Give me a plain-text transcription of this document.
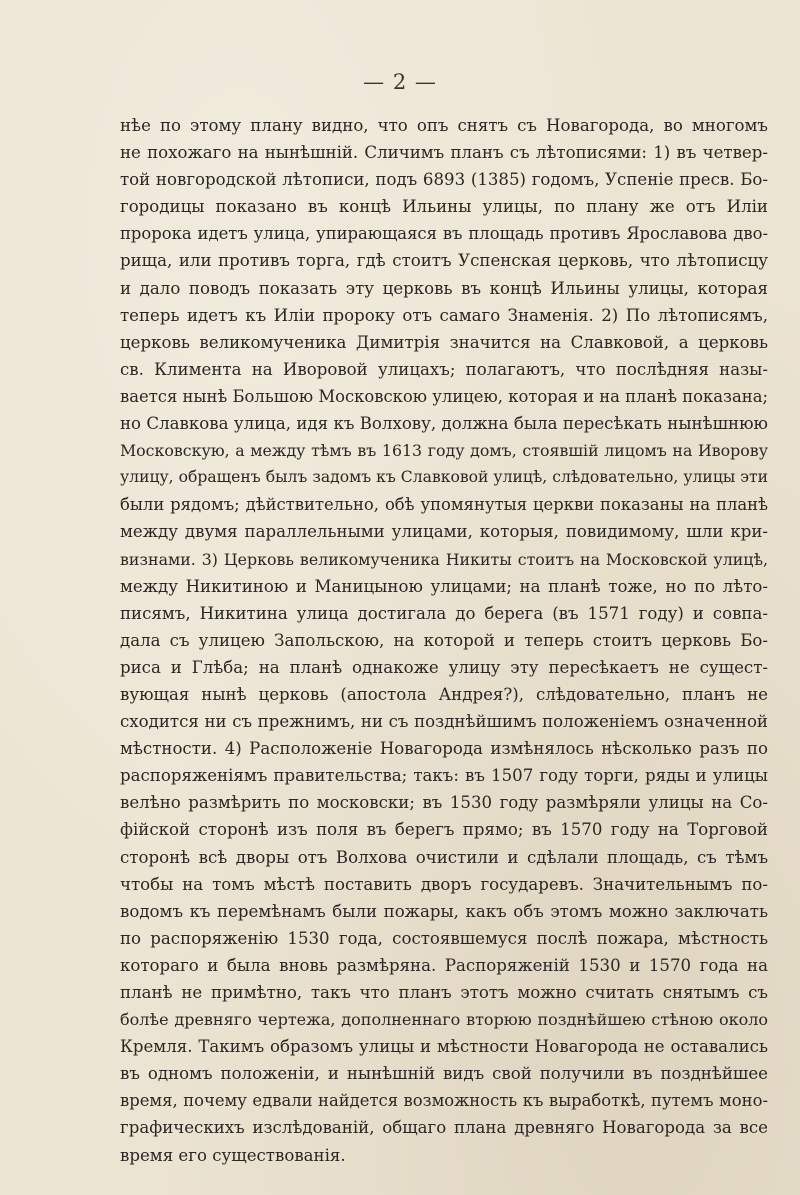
— 2 —
нѣе по этому плану видно, что опъ снятъ съ Новагорода, во многомъ
не похожаго на нынѣшній. Сличимъ планъ съ лѣтописями: 1) въ четвер-
той новгородской лѣтописи, подъ 6893 (1385) годомъ, Успеніе пресв. Бо-
городицы показано въ концѣ Ильины улицы, по плану же отъ Иліи
пророка идетъ улица, упирающаяся въ площадь противъ Ярославова дво-
рища, или противъ торга, гдѣ стоитъ Успенская церковь, что лѣтописцу
и дало поводъ показать эту церковь въ концѣ Ильины улицы, которая
теперь идетъ къ Иліи пророку отъ самаго Знаменія. 2) По лѣтописямъ,
церковь великомученика Димитрія значится на Славковой, а церковь
св. Климента на Иворовой улицахъ; полагаютъ, что послѣдняя назы-
вается нынѣ Большою Московскою улицею, которая и на планѣ показана;
но Славкова улица, идя къ Волхову, должна была пересѣкать нынѣшнюю
Московскую, а между тѣмъ въ 1613 году домъ, стоявшій лицомъ на Иворову
улицу, обращенъ былъ задомъ къ Славковой улицѣ, слѣдовательно, улицы эти
были рядомъ; дѣйствительно, обѣ упомянутыя церкви показаны на планѣ
между двумя параллельными улицами, которыя, повидимому, шли кри-
визнами. 3) Церковь великомученика Никиты стоитъ на Московской улицѣ,
между Никитиною и Маницыною улицами; на планѣ тоже, но по лѣто-
писямъ, Никитина улица достигала до берега (въ 1571 году) и совпа-
дала съ улицею Запольскою, на которой и теперь стоитъ церковь Бо-
риса и Глѣба; на планѣ однакоже улицу эту пересѣкаетъ не сущест-
вующая нынѣ церковь (апостола Андрея?), слѣдовательно, планъ не
сходится ни съ прежнимъ, ни съ позднѣйшимъ положеніемъ означенной
мѣстности. 4) Расположеніе Новагорода измѣнялось нѣсколько разъ по
распоряженіямъ правительства; такъ: въ 1507 году торги, ряды и улицы
велѣно размѣрить по московски; въ 1530 году размѣряли улицы на Со-
фійской сторонѣ изъ поля въ берегъ прямо; въ 1570 году на Торговой
сторонѣ всѣ дворы отъ Волхова очистили и сдѣлали площадь, съ тѣмъ
чтобы на томъ мѣстѣ поставить дворъ государевъ. Значительнымъ по-
водомъ къ перемѣнамъ были пожары, какъ объ этомъ можно заключать
по распоряженію 1530 года, состоявшемуся послѣ пожара, мѣстность
котораго и была вновь размѣряна. Распоряженій 1530 и 1570 года на
планѣ не примѣтно, такъ что планъ этотъ можно считать снятымъ съ
болѣе древняго чертежа, дополненнаго вторюю позднѣйшею стѣною около
Кремля. Такимъ образомъ улицы и мѣстности Новагорода не оставались
въ одномъ положеніи, и нынѣшній видъ свой получили въ позднѣйшее
время, почему едвали найдется возможность къ выработкѣ, путемъ моно-
графическихъ изслѣдованій, общаго плана древняго Новагорода за все
время его существованія.
